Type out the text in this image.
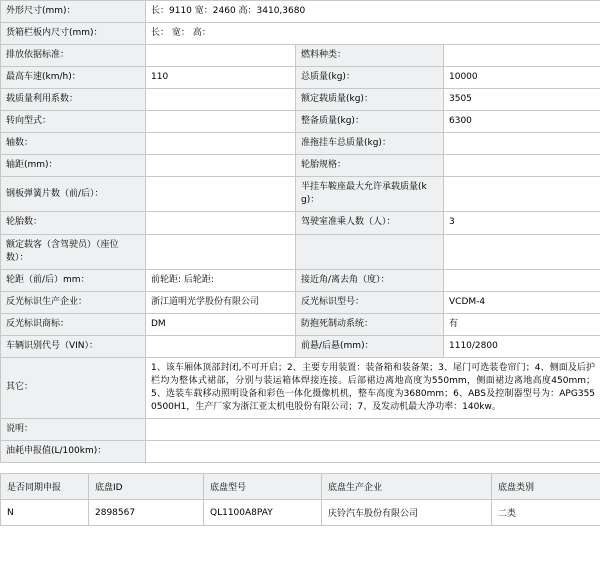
外形尺寸(mm)：	长：9110 宽：2460 高：3410,3680		
货箱栏板内尺寸(mm)：	长： 宽： 高：		
排放依据标准：		燃料种类：	
最高车速(km/h)：	110	总质量(kg)：	10000
载质量利用系数：		额定载质量(kg)：	3505
转向型式：		整备质量(kg)：	6300
轴数：		准拖挂车总质量(kg)：	
轴距(mm)：		轮胎规格：	
钢板弹簧片数（前/后）：		半挂车鞍座最大允许承载质量(kg)：	
轮胎数：		驾驶室准乘人数（人）：	3
额定载客（含驾驶员）（座位数）：			
轮距（前/后）mm：	前轮距: 后轮距:	接近角/离去角（度）：	
反光标识生产企业：	浙江道明光学股份有限公司	反光标识型号：	VCDM-4
反光标识商标：	DM	防抱死制动系统：	有
车辆识别代号（VIN）：		前悬/后悬(mm)：	1110/2800
其它：	1、该车厢体顶部封闭,不可开启；2、主要专用装置：装备箱和装备架；3、尾门可选装卷帘门；4、侧面及后护栏均为整体式裙部，分别与装运箱体焊接连接。后部裙边离地高度为550mm，侧面裙边离地高度450mm；5、选装车载移动照明设备和彩色一体化摄像机机，整车高度为3680mm；6、ABS及控制器型号为：APG3550500H1，生产厂家为浙江亚太机电股份有限公司；7、及发动机最大净功率：140kw。		
说明：			
油耗申报值(L/100km)：			
是否同期申报	底盘ID	底盘型号	底盘生产企业	底盘类别
N	2898567	QL1100A8PAY	庆铃汽车股份有限公司	二类
